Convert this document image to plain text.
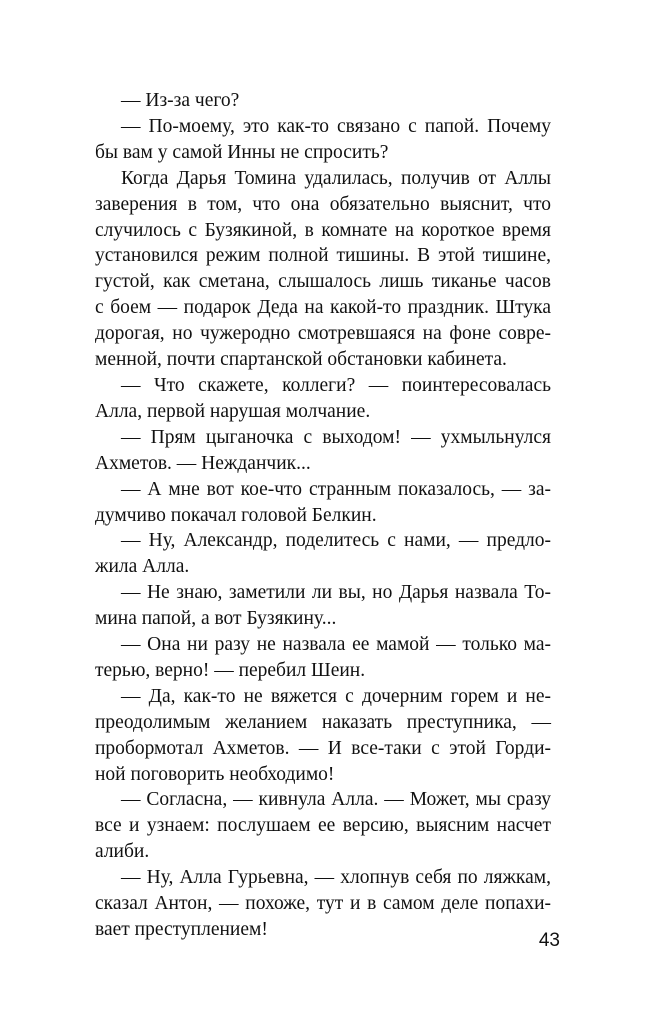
— Из-за чего?
— По-моему, это как-то связано с папой. Почему
бы вам у самой Инны не спросить?
Когда Дарья Томина удалилась, получив от Аллы
заверения в том, что она обязательно выяснит, что
случилось с Бузякиной, в комнате на короткое время
установился режим полной тишины. В этой тишине,
густой, как сметана, слышалось лишь тиканье часов
с боем — подарок Деда на какой-то праздник. Штука
дорогая, но чужеродно смотревшаяся на фоне совре-
менной, почти спартанской обстановки кабинета.
— Что скажете, коллеги? — поинтересовалась
Алла, первой нарушая молчание.
— Прям цыганочка с выходом! — ухмыльнулся
Ахметов. — Нежданчик...
— А мне вот кое-что странным показалось, — за-
думчиво покачал головой Белкин.
— Ну, Александр, поделитесь с нами, — предло-
жила Алла.
— Не знаю, заметили ли вы, но Дарья назвала То-
мина папой, а вот Бузякину...
— Она ни разу не назвала ее мамой — только ма-
терью, верно! — перебил Шеин.
— Да, как-то не вяжется с дочерним горем и не-
преодолимым желанием наказать преступника, —
пробормотал Ахметов. — И все-таки с этой Горди-
ной поговорить необходимо!
— Согласна, — кивнула Алла. — Может, мы сразу
все и узнаем: послушаем ее версию, выясним насчет
алиби.
— Ну, Алла Гурьевна, — хлопнув себя по ляжкам,
сказал Антон, — похоже, тут и в самом деле попахи-
вает преступлением!
43
